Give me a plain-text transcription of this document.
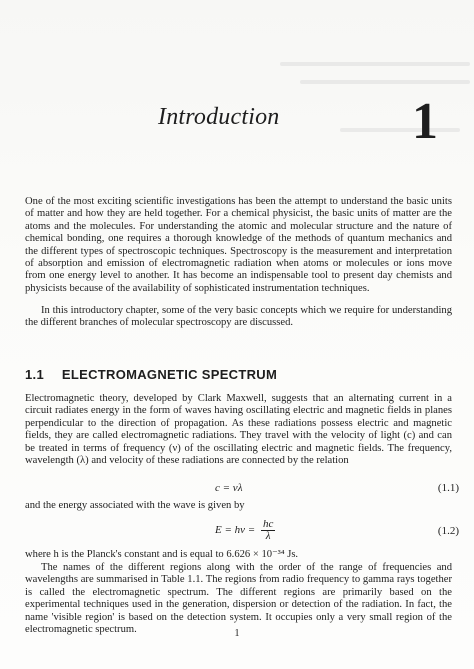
Introduction	1

One of the most exciting scientific investigations has been the attempt to understand the basic units of matter and how they are held together. For a chemical physicist, the basic units of matter are the atoms and the molecules. For understanding the atomic and molecular structure and the nature of chemical bonding, one requires a thorough knowledge of the methods of quantum mechanics and the different types of spectroscopic techniques. Spectroscopy is the measurement and interpretation of absorption and emission of electromagnetic radiation when atoms or molecules or ions move from one energy level to another. It has become an indispensable tool to present day chemists and physicists because of the availability of sophisticated instrumentation techniques.

In this introductory chapter, some of the very basic concepts which we require for understanding the different branches of molecular spectroscopy are discussed.

1.1 ELECTROMAGNETIC SPECTRUM

Electromagnetic theory, developed by Clark Maxwell, suggests that an alternating current in a circuit radiates energy in the form of waves having oscillating electric and magnetic fields in planes perpendicular to the direction of propagation. As these radiations possess electric and magnetic fields, they are called electromagnetic radiations. They travel with the velocity of light (c) and can be treated in terms of frequency (ν) of the oscillating electric and magnetic fields. The frequency, wavelength (λ) and velocity of these radiations are connected by the relation

c = νλ	(1.1)

and the energy associated with the wave is given by

$E = h\nu = \frac{hc}{\lambda}$	(1.2)

where h is the Planck's constant and is equal to 6.626 × 10⁻³⁴ Js.

The names of the different regions along with the order of the range of frequencies and wavelengths are summarised in Table 1.1. The regions from radio frequency to gamma rays together is called the electromagnetic spectrum. The different regions are primarily based on the experimental techniques used in the generation, dispersion or detection of the radiation. In fact, the name 'visible region' is based on the detection system. It occupies only a very small region of the electromagnetic spectrum.	1
